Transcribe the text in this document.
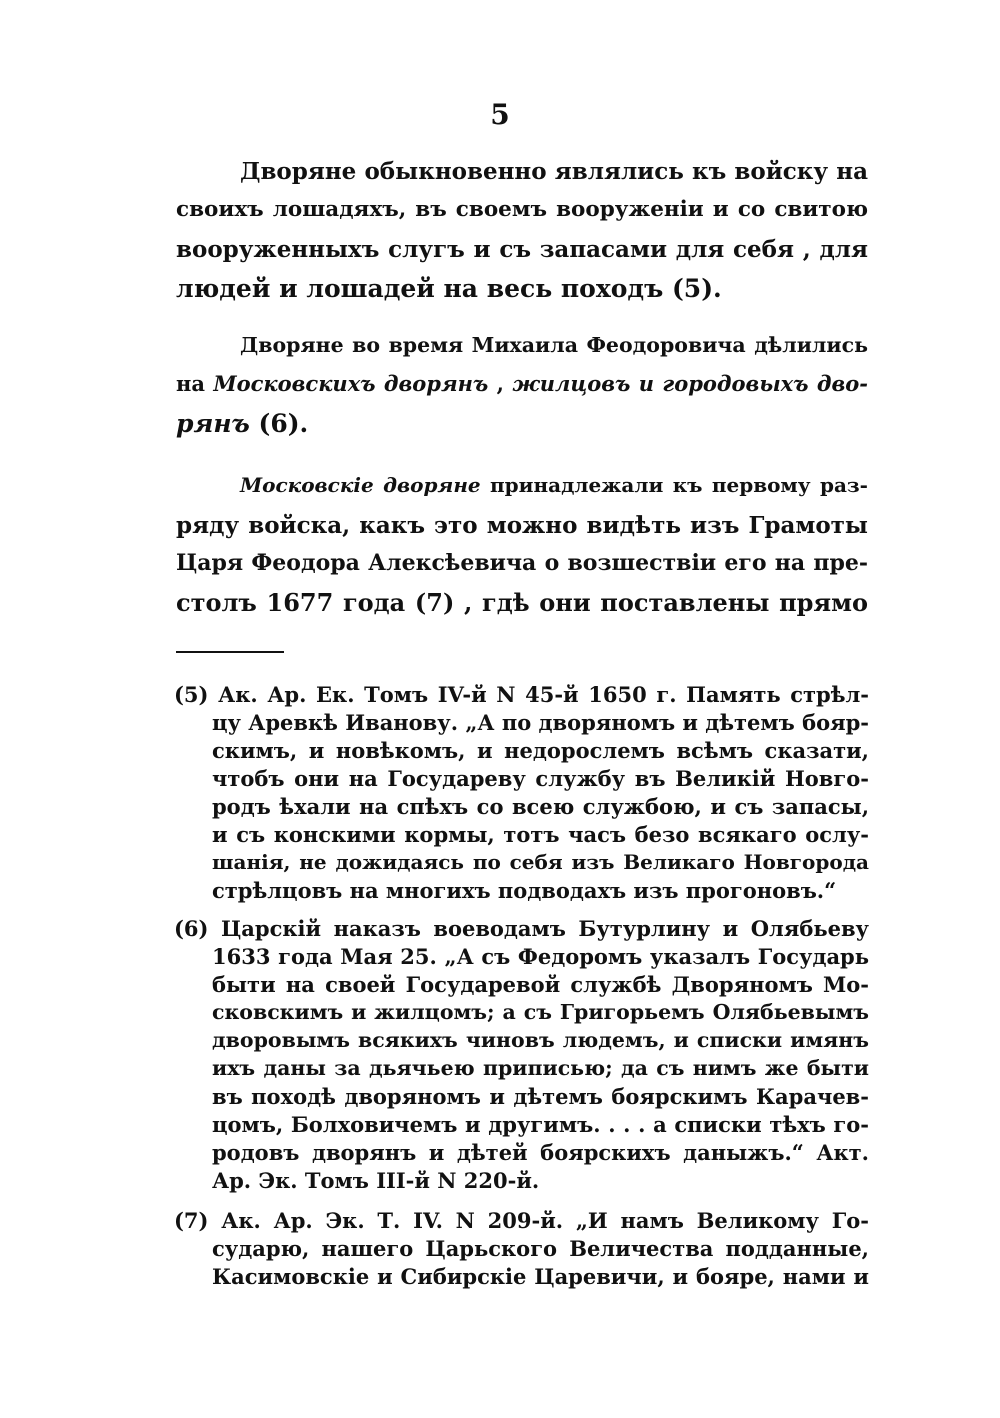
5
Дворяне обыкновенно являлись къ войску на
своихъ лошадяхъ, въ своемъ вооруженiи и со свитою
вооруженныхъ слугъ и съ запасами для себя , для
людей и лошадей на весь походъ (5).
Дворяне во время Михаила Феодоровича дѣлились
на Московскихъ дворянъ , жилцовъ и городовыхъ дво-
рянъ (6).
Московскiе дворяне принадлежали къ первому раз-
ряду войска, какъ это можно видѣть изъ Грамоты
Царя Феодора Алексѣевича о возшествiи его на пре-
столъ 1677 года (7) , гдѣ они поставлены прямо
(5) Ак. Ар. Ек. Томъ IV-й N 45-й 1650 г. Память стрѣл-
цу Аревкѣ Иванову. „А по дворяномъ и дѣтемъ бояр-
скимъ, и новѣкомъ, и недорослемъ всѣмъ сказати,
чтобъ они на Государеву службу въ Великiй Новго-
родъ ѣхали на спѣхъ со всею службою, и съ запасы,
и съ конскими кормы, тотъ часъ безо всякаго ослу-
шанiя, не дожидаясь по себя изъ Великаго Новгорода
стрѣлцовъ на многихъ подводахъ изъ прогоновъ.“
(6) Царскiй наказъ воеводамъ Бутурлину и Олябьеву
1633 года Мая 25. „А съ Федоромъ указалъ Государь
быти на своей Государевой службѣ Дворяномъ Мо-
сковскимъ и жилцомъ; а съ Григорьемъ Олябьевымъ
дворовымъ всякихъ чиновъ людемъ, и списки имянъ
ихъ даны за дьячьею приписью; да съ нимъ же быти
въ походѣ дворяномъ и дѣтемъ боярскимъ Карачев-
цомъ, Болховичемъ и другимъ. . . . а списки тѣхъ го-
родовъ дворянъ и дѣтей боярскихъ даныжъ.“ Акт.
Ар. Эк. Томъ III-й N 220-й.
(7) Ак. Ар. Эк. Т. IV. N 209-й. „И намъ Великому Го-
сударю, нашего Царьского Величества подданные,
Касимовскiе и Сибирскiе Царевичи, и бояре, нами и
